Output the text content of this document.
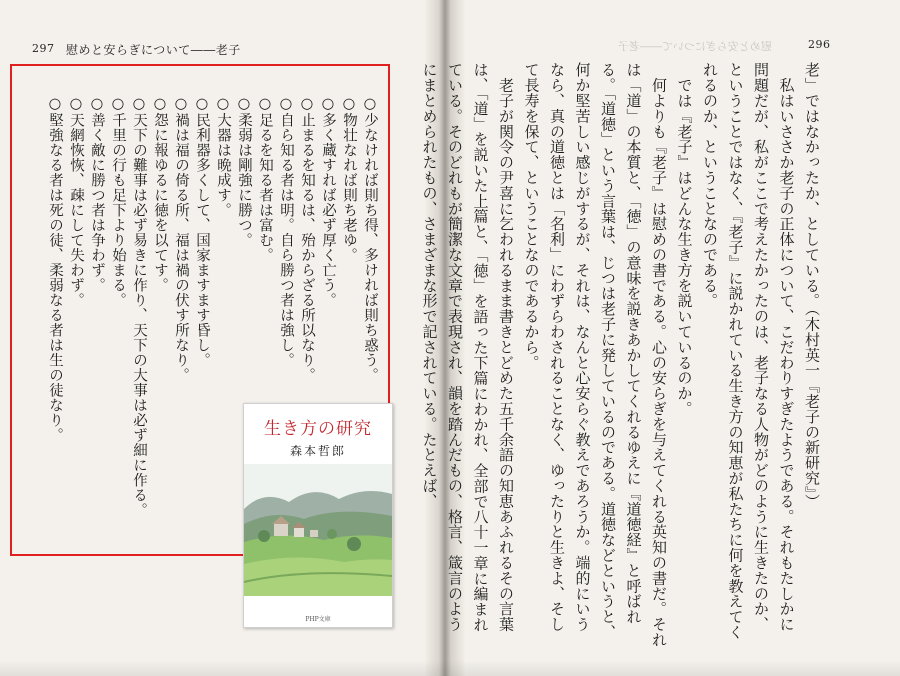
297 慰めと安らぎについて――老子	296
慰めと安らぎについて――老子
○少なければ則ち得、多ければ則ち惑う。
○物壮なれば則ち老ゆ。
○多く蔵すれば必ず厚く亡う。
○止まるを知るは、殆からざる所以なり。
○自ら知る者は明。自ら勝つ者は強し。
○足るを知る者は富む。
○柔弱は剛強に勝つ。
○大器は晩成す。
○民利器多くして、国家ますます昏し。
○禍は福の倚る所、福は禍の伏す所なり。
○怨に報ゆるに徳を以てす。
○天下の難事は必ず易きに作り、天下の大事は必ず細に作る。
○千里の行も足下より始まる。
○善く敵に勝つ者は争わず。
○天網恢恢、疎にして失わず。
○堅強なる者は死の徒、柔弱なる者は生の徒なり。	老」ではなかったか、としている。（木村英一『老子の新研究』）
　私はいささか老子の正体について、こだわりすぎたようである。それもたしかに
問題だが、私がここで考えたかったのは、老子なる人物がどのように生きたのか、
ということではなく、『老子』に説かれている生き方の知恵が私たちに何を教えてく
れるのか、ということなのである。
　では『老子』はどんな生き方を説いているのか。
　何よりも『老子』は慰めの書である。心の安らぎを与えてくれる英知の書だ。それ
は「道」の本質と、「徳」の意味を説きあかしてくれるゆえに『道徳経』と呼ばれ
る。「道徳」という言葉は、じつは老子に発しているのである。道徳などというと、
何か堅苦しい感じがするが、それは、なんと心安らぐ教えであろうか。端的にいう
なら、真の道徳とは「名利」にわずらわされることなく、ゆったりと生きよ、そし
て長寿を保て、ということなのであるから。
　老子が関令の尹喜に乞われるまま書きとどめた五千余語の知恵あふれるその言葉
は、「道」を説いた上篇と、「徳」を語った下篇にわかれ、全部で八十一章に編まれ
ている。そのどれもが簡潔な文章で表現され、韻を踏んだもの、格言、箴言のよう
にまとめられたもの、さまざまな形で記されている。たとえば、
生き方の研究
森本哲郎
PHP文庫
